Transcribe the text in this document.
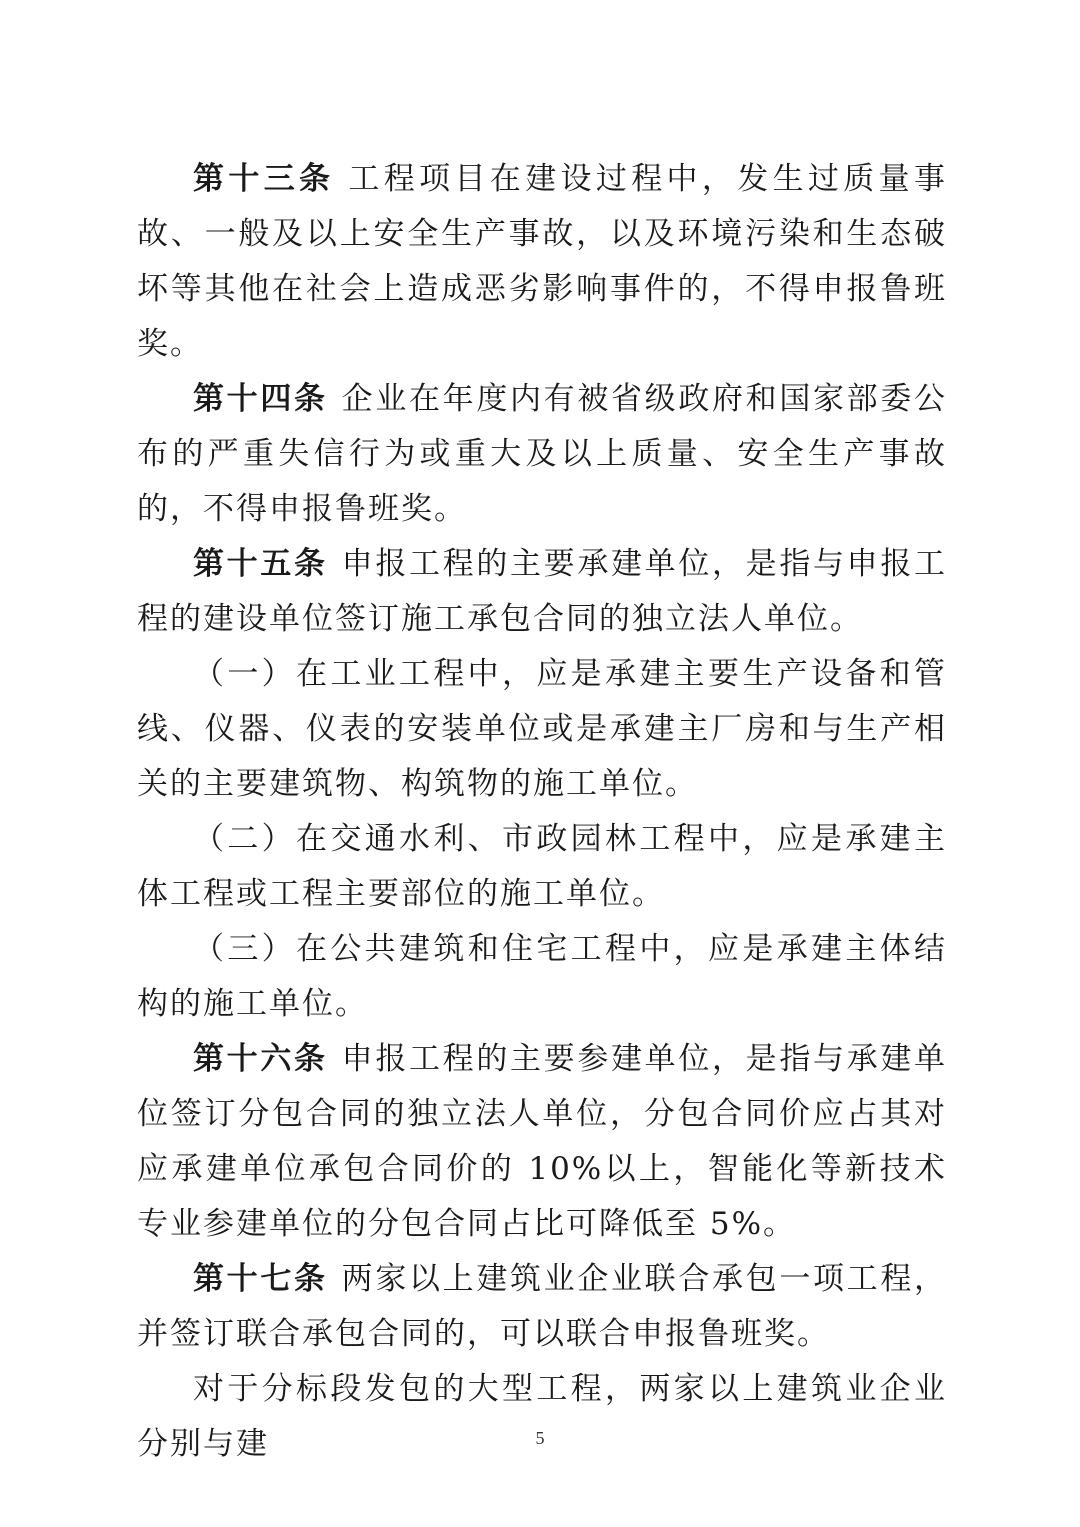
第十三条 工程项目在建设过程中，发生过质量事故、一般及以上安全生产事故，以及环境污染和生态破坏等其他在社会上造成恶劣影响事件的，不得申报鲁班奖。

第十四条 企业在年度内有被省级政府和国家部委公布的严重失信行为或重大及以上质量、安全生产事故的，不得申报鲁班奖。

第十五条 申报工程的主要承建单位，是指与申报工程的建设单位签订施工承包合同的独立法人单位。

（一）在工业工程中，应是承建主要生产设备和管线、仪器、仪表的安装单位或是承建主厂房和与生产相关的主要建筑物、构筑物的施工单位。

（二）在交通水利、市政园林工程中，应是承建主体工程或工程主要部位的施工单位。

（三）在公共建筑和住宅工程中，应是承建主体结构的施工单位。

第十六条 申报工程的主要参建单位，是指与承建单位签订分包合同的独立法人单位，分包合同价应占其对应承建单位承包合同价的 10%以上，智能化等新技术专业参建单位的分包合同占比可降低至 5%。

第十七条 两家以上建筑业企业联合承包一项工程，并签订联合承包合同的，可以联合申报鲁班奖。

对于分标段发包的大型工程，两家以上建筑业企业分别与建	5
